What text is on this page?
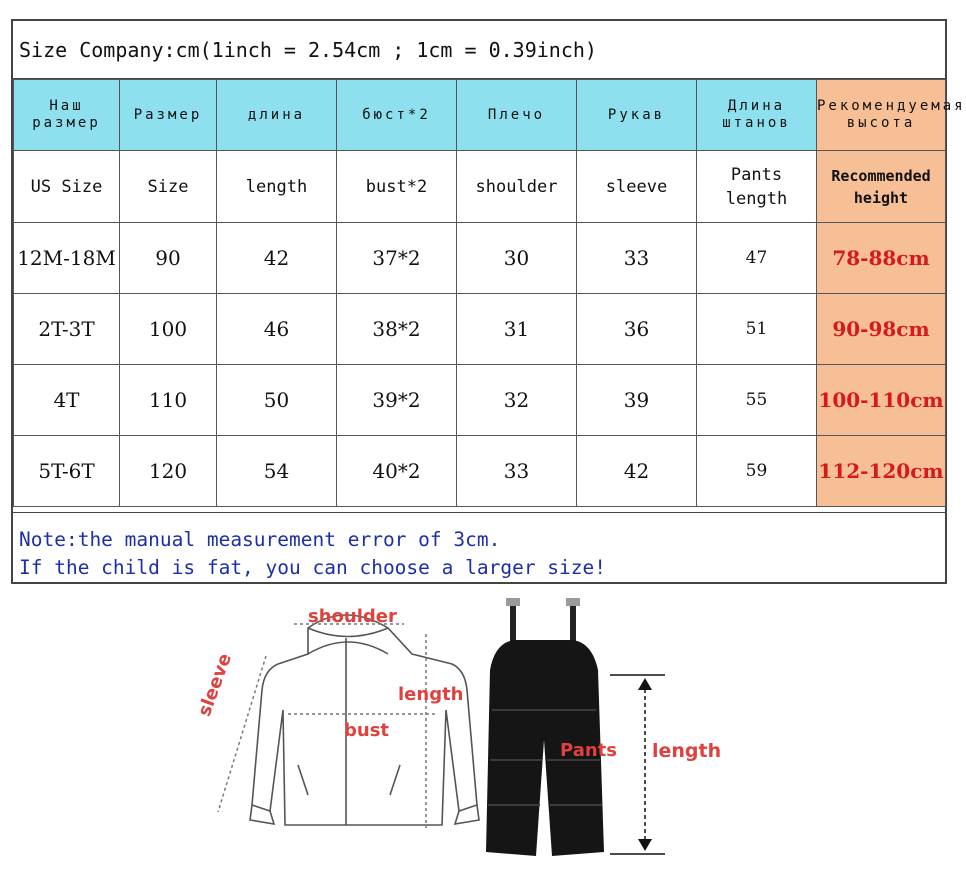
Size Company:cm(1inch = 2.54cm ; 1cm = 0.39inch)
Наш размер	Размер	длина	бюст*2	Плечо	Рукав	Длина штанов	Рекомендуемая высота
US Size	Size	length	bust*2	shoulder	sleeve	Pants length	Recommended height
12M-18M	90	42	37*2	30	33	47	78-88cm
2T-3T	100	46	38*2	31	36	51	90-98cm
4T	110	50	39*2	32	39	55	100-110cm
5T-6T	120	54	40*2	33	42	59	112-120cm
Note:the manual measurement error of 3cm.
If the child is fat, you can choose a larger size!
shoulder
sleeve	length
bust
Pants length
